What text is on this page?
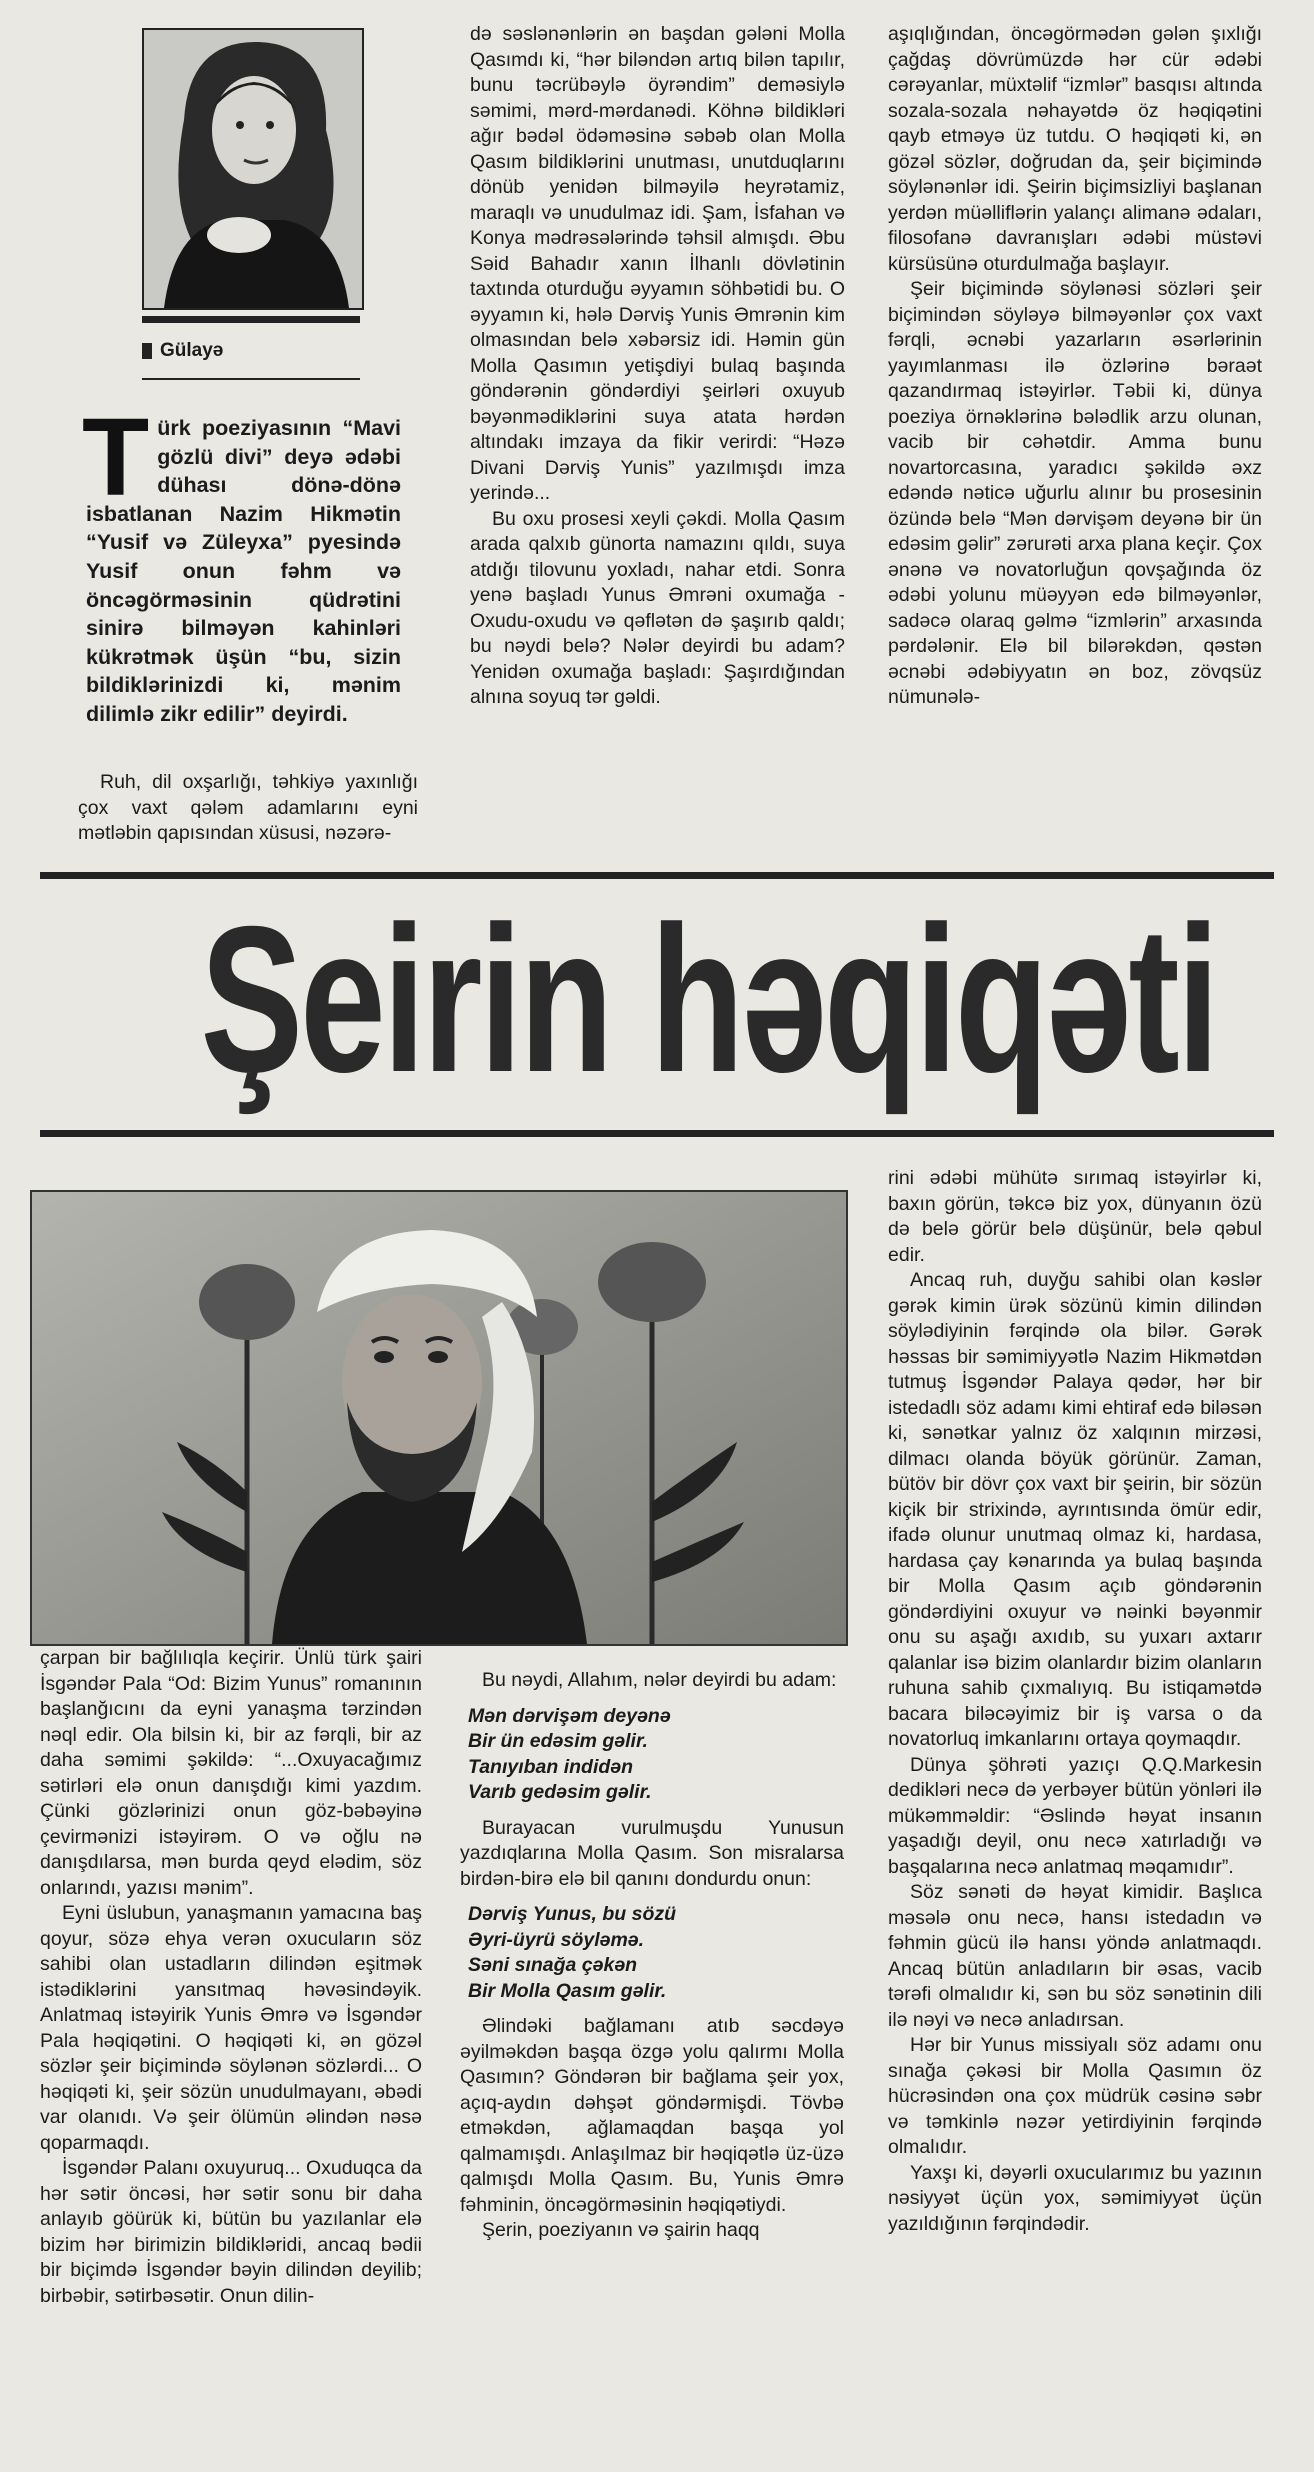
Gülayə
Türk poeziyasının “Mavi gözlü divi” deyə ədəbi dühası dönə-dönə isbatlanan Nazim Hikmətin “Yusif və Züleyxa” pyesində Yusif onun fəhm və öncəgörməsinin qüdrətini sinirə bilməyən kahinləri kükrətmək üşün “bu, sizin bildiklərinizdi ki, mənim dilimlə zikr edilir” deyirdi.

Ruh, dil oxşarlığı, təhkiyə yaxınlığı çox vaxt qələm adamlarını eyni mətləbin qapısından xüsusi, nəzərə-

də səslənənlərin ən başdan gələni Molla Qasımdı ki, “hər biləndən artıq bilən tapılır, bunu təcrübəylə öyrəndim” deməsiylə səmimi, mərd-mərdanədi. Köhnə bildikləri ağır bədəl ödəməsinə səbəb olan Molla Qasım bildiklərini unutması, unutduqlarını dönüb yenidən bilməyilə heyrətamiz, maraqlı və unudulmaz idi. Şam, İsfahan və Konya mədrəsələrində təhsil almışdı. Əbu Səid Bahadır xanın İlhanlı dövlətinin taxtında oturduğu əyyamın söhbətidi bu. O əyyamın ki, hələ Dərviş Yunis Əmrənin kim olmasından belə xəbərsiz idi. Həmin gün Molla Qasımın yetişdiyi bulaq başında göndərənin göndərdiyi şeirləri oxuyub bəyənmədiklərini suya atata hərdən altındakı imzaya da fikir verirdi: “Həzə Divani Dərviş Yunis” yazılmışdı imza yerində...

Bu oxu prosesi xeyli çəkdi. Molla Qasım arada qalxıb günorta namazını qıldı, suya atdığı tilovunu yoxladı, nahar etdi. Sonra yenə başladı Yunus Əmrəni oxumağa - Oxudu-oxudu və qəflətən də şaşırıb qaldı; bu nəydi belə? Nələr deyirdi bu adam? Yenidən oxumağa başladı: Şaşırdığından alnına soyuq tər gəldi.

aşıqlığından, öncəgörmədən gələn şıxlığı çağdaş dövrümüzdə hər cür ədəbi cərəyanlar, müxtəlif “izmlər” basqısı altında sozala-sozala nəhayətdə öz həqiqətini qayb etməyə üz tutdu. O həqiqəti ki, ən gözəl sözlər, doğrudan da, şeir biçimində söylənənlər idi. Şeirin biçimsizliyi başlanan yerdən müəlliflərin yalançı alimanə ədaları, filosofanə davranışları ədəbi müstəvi kürsüsünə oturdulmağa başlayır.

Şeir biçimində söylənəsi sözləri şeir biçimindən söyləyə bilməyənlər çox vaxt fərqli, əcnəbi yazarların əsərlərinin yayımlanması ilə özlərinə bəraət qazandırmaq istəyirlər. Təbii ki, dünya poeziya örnəklərinə bələdlik arzu olunan, vacib bir cəhətdir. Amma bunu novartorcasına, yaradıcı şəkildə əxz edəndə nəticə uğurlu alınır bu prosesinin özündə belə “Mən dərvişəm deyənə bir ün edəsim gəlir” zərurəti arxa plana keçir. Çox ənənə və novatorluğun qovşağında öz ədəbi yolunu müəyyən edə bilməyənlər, sadəcə olaraq gəlmə “izmlərin” arxasında pərdələnir. Elə bil bilərəkdən, qəstən əcnəbi ədəbiyyatın ən boz, zövqsüz nümunələ-

Şeirin həqiqəti

rini ədəbi mühütə sırımaq istəyirlər ki, baxın görün, təkcə biz yox, dünyanın özü də belə görür belə düşünür, belə qəbul edir.

Ancaq ruh, duyğu sahibi olan kəslər gərək kimin ürək sözünü kimin dilindən söylədiyinin fərqində ola bilər. Gərək həssas bir səmimiyyətlə Nazim Hikmətdən tutmuş İsgəndər Palaya qədər, hər bir istedadlı söz adamı kimi ehtiraf edə biləsən ki, sənətkar yalnız öz xalqının mirzəsi, dilmacı olanda böyük görünür. Zaman, bütöv bir dövr çox vaxt bir şeirin, bir sözün kiçik bir strixində, ayrıntısında ömür edir, ifadə olunur unutmaq olmaz ki, hardasa, hardasa çay kənarında ya bulaq başında bir Molla Qasım açıb göndərənin göndərdiyini oxuyur və nəinki bəyənmir onu su aşağı axıdıb, su yuxarı axtarır qalanlar isə bizim olanlardır bizim olanların ruhuna sahib çıxmalıyıq. Bu istiqamətdə bacara biləcəyimiz bir iş varsa o da novatorluq imkanlarını ortaya qoymaqdır.

Dünya şöhrəti yazıçı Q.Q.Markesin dedikləri necə də yerbəyer bütün yönləri ilə mükəmməldir: “Əslində həyat insanın yaşadığı deyil, onu necə xatırladığı və başqalarına necə anlatmaq məqamıdır”.

Söz sənəti də həyat kimidir. Başlıca məsələ onu necə, hansı istedadın və fəhmin gücü ilə hansı yöndə anlatmaqdı. Ancaq bütün anladıların bir əsas, vacib tərəfi olmalıdır ki, sən bu söz sənətinin dili ilə nəyi və necə anladırsan.

Hər bir Yunus missiyalı söz adamı onu sınağa çəkəsi bir Molla Qasımın öz hücrəsindən ona çox müdrük cəsinə səbr və təmkinlə nəzər yetirdiyinin fərqində olmalıdır.

Yaxşı ki, dəyərli oxucularımız bu yazının nəsiyyət üçün yox, səmimiyyət üçün yazıldığının fərqindədir.

çarpan bir bağlılıqla keçirir. Ünlü türk şairi İsgəndər Pala “Od: Bizim Yunus” romanının başlanğıcını da eyni yanaşma tərzindən nəql edir. Ola bilsin ki, bir az fərqli, bir az daha səmimi şəkildə: “...Oxuyacağımız sətirləri elə onun danışdığı kimi yazdım. Çünki gözlərinizi onun göz-bəbəyinə çevirmənizi istəyirəm. O və oğlu nə danışdılarsa, mən burda qeyd elədim, söz onlarındı, yazısı mənim”.

Eyni üslubun, yanaşmanın yamacına baş qoyur, sözə ehya verən oxucuların söz sahibi olan ustadların dilindən eşitmək istədiklərini yansıtmaq həvəsindəyik. Anlatmaq istəyirik Yunis Əmrə və İsgəndər Pala həqiqətini. O həqiqəti ki, ən gözəl sözlər şeir biçimində söylənən sözlərdi... O həqiqəti ki, şeir sözün unudulmayanı, əbədi var olanıdı. Və şeir ölümün əlindən nəsə qoparmaqdı.

İsgəndər Palanı oxuyuruq... Oxuduqca da hər sətir öncəsi, hər sətir sonu bir daha anlayıb göürük ki, bütün bu yazılanlar elə bizim hər birimizin bildikləridi, ancaq bədii bir biçimdə İsgəndər bəyin dilindən deyilib; birbəbir, sətirbəsətir. Onun dilin-

Bu nəydi, Allahım, nələr deyirdi bu adam:

Mən dərvişəm deyənə
Bir ün edəsim gəlir.
Tanıyıban indidən
Varıb gedəsim gəlir.

Burayacan vurulmuşdu Yunusun yazdıqlarına Molla Qasım. Son misralarsa birdən-birə elə bil qanını dondurdu onun:

Dərviş Yunus, bu sözü
Əyri-üyrü söyləmə.
Səni sınağa çəkən
Bir Molla Qasım gəlir.

Əlindəki bağlamanı atıb səcdəyə əyilməkdən başqa özgə yolu qalırmı Molla Qasımın? Göndərən bir bağlama şeir yox, açıq-aydın dəhşət göndərmişdi. Tövbə etməkdən, ağlamaqdan başqa yol qalmamışdı. Anlaşılmaz bir həqiqətlə üz-üzə qalmışdı Molla Qasım. Bu, Yunis Əmrə fəhminin, öncəgörməsinin həqiqətiydi.

Şerin, poeziyanın və şairin haqq
